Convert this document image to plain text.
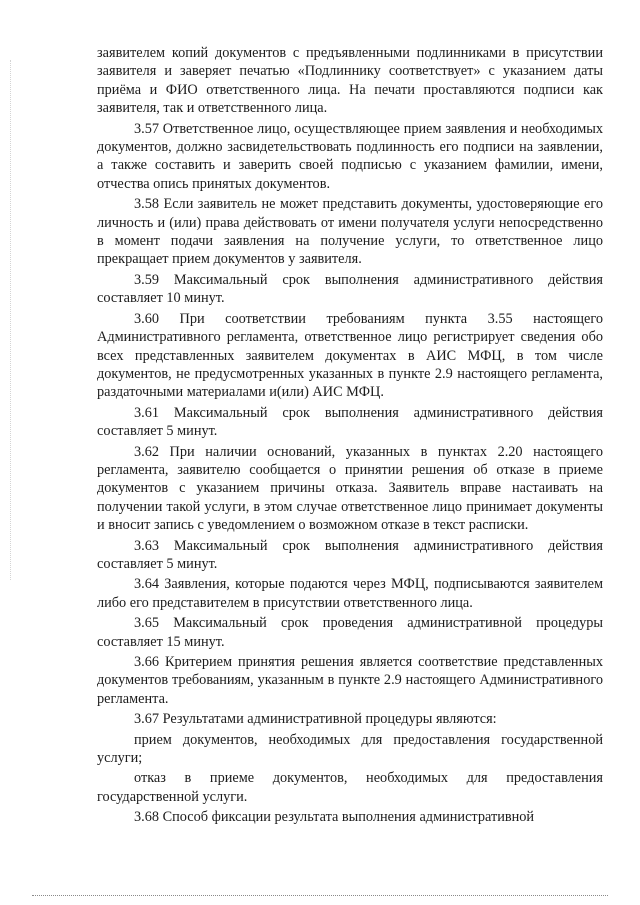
заявителем копий документов с предъявленными подлинниками в присутствии заявителя и заверяет печатью «Подлиннику соответствует» с указанием даты приёма и ФИО ответственного лица. На печати проставляются подписи как заявителя, так и ответственного лица.

3.57 Ответственное лицо, осуществляющее прием заявления и необходимых документов, должно засвидетельствовать подлинность его подписи на заявлении, а также составить и заверить своей подписью с указанием фамилии, имени, отчества опись принятых документов.

3.58 Если заявитель не может представить документы, удостоверяющие его личность и (или) права действовать от имени получателя услуги непосредственно в момент подачи заявления на получение услуги, то ответственное лицо прекращает прием документов у заявителя.

3.59 Максимальный срок выполнения административного действия составляет 10 минут.

3.60 При соответствии требованиям пункта 3.55 настоящего Административного регламента, ответственное лицо регистрирует сведения обо всех представленных заявителем документах в АИС МФЦ, в том числе документов, не предусмотренных указанных в пункте 2.9 настоящего регламента, раздаточными материалами и(или) АИС МФЦ.

3.61 Максимальный срок выполнения административного действия составляет 5 минут.

3.62 При наличии оснований, указанных в пунктах 2.20 настоящего регламента, заявителю сообщается о принятии решения об отказе в приеме документов с указанием причины отказа. Заявитель вправе настаивать на получении такой услуги, в этом случае ответственное лицо принимает документы и вносит запись с уведомлением о возможном отказе в текст расписки.

3.63 Максимальный срок выполнения административного действия составляет 5 минут.

3.64 Заявления, которые подаются через МФЦ, подписываются заявителем либо его представителем в присутствии ответственного лица.

3.65 Максимальный срок проведения административной процедуры составляет 15 минут.

3.66 Критерием принятия решения является соответствие представленных документов требованиям, указанным в пункте 2.9 настоящего Административного регламента.

3.67 Результатами административной процедуры являются:

прием документов, необходимых для предоставления государственной услуги;

отказ в приеме документов, необходимых для предоставления государственной услуги.

3.68 Способ фиксации результата выполнения административной
